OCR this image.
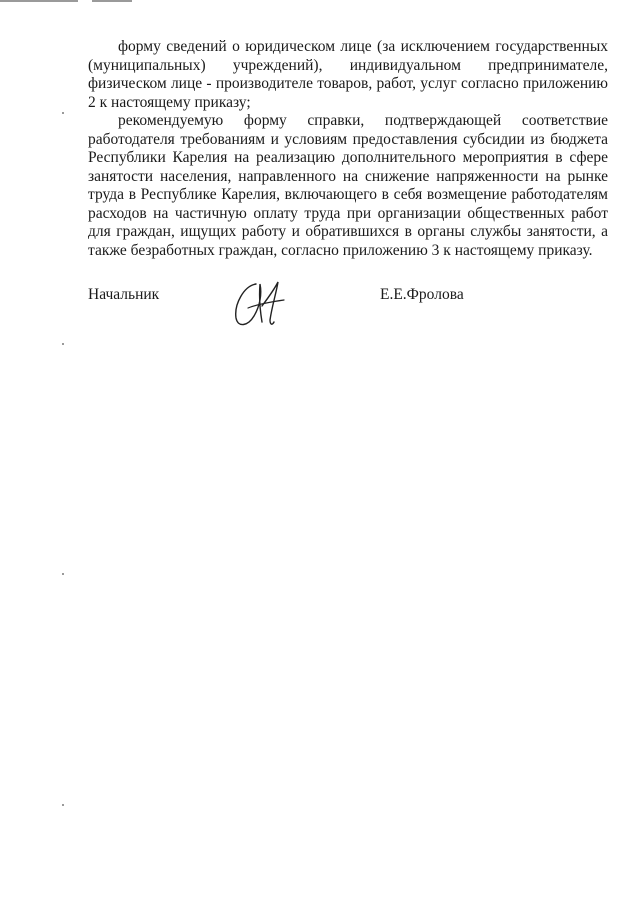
форму сведений о юридическом лице (за исключением государственных (муниципальных) учреждений), индивидуальном предпринимателе, физическом лице - производителе товаров, работ, услуг согласно приложению 2 к настоящему приказу;

рекомендуемую форму справки, подтверждающей соответствие работодателя требованиям и условиям предоставления субсидии из бюджета Республики Карелия на реализацию дополнительного мероприятия в сфере занятости населения, направленного на снижение напряженности на рынке труда в Республике Карелия, включающего в себя возмещение работодателям расходов на частичную оплату труда при организации общественных работ для граждан, ищущих работу и обратившихся в органы службы занятости, а также безработных граждан, согласно приложению 3 к настоящему приказу.

Начальник	Е.Е.Фролова
